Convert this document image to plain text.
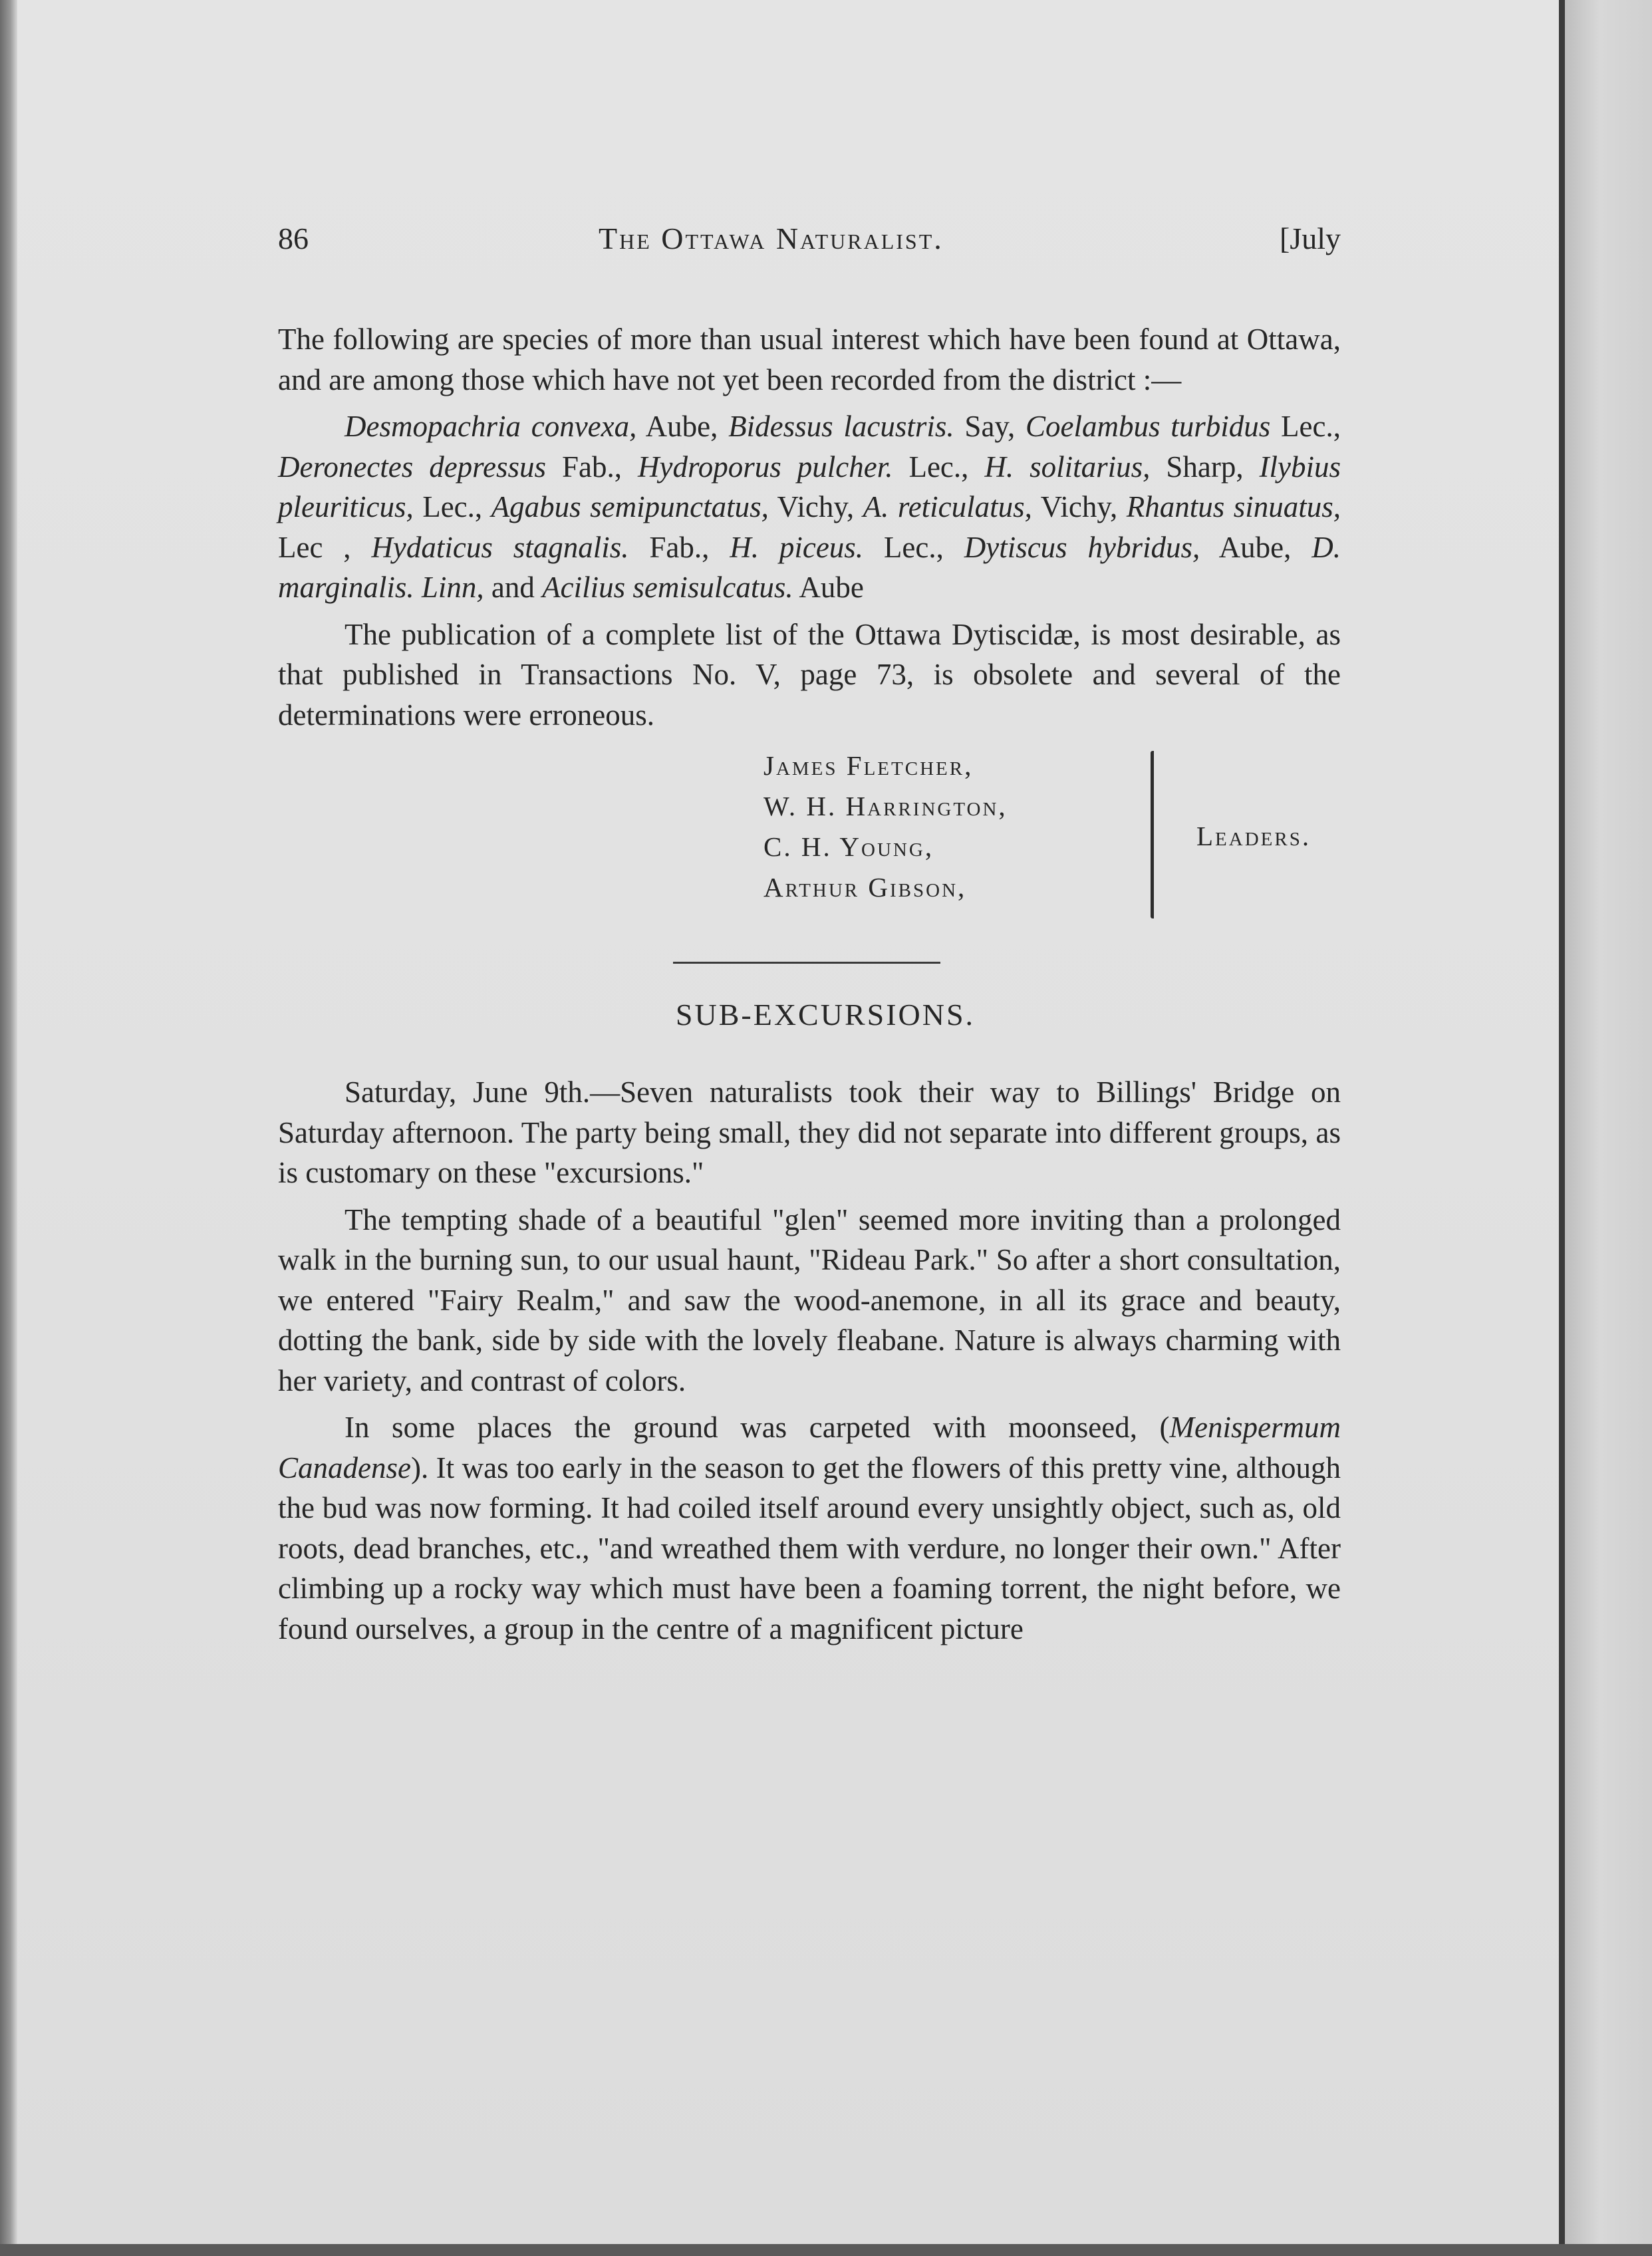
86	The Ottawa Naturalist.	[July

The following are species of more than usual interest which have been found at Ottawa, and are among those which have not yet been recorded from the district :—

Desmopachria convexa, Aube, Bidessus lacustris. Say, Coelambus turbidus Lec., Deronectes depressus Fab., Hydroporus pulcher. Lec., H. solitarius, Sharp, Ilybius pleuriticus, Lec., Agabus semipunctatus, Vichy, A. reticulatus, Vichy, Rhantus sinuatus, Lec , Hydaticus stagnalis. Fab., H. piceus. Lec., Dytiscus hybridus, Aube, D. marginalis. Linn, and Acilius semisulcatus. Aube

The publication of a complete list of the Ottawa Dytiscidæ, is most desirable, as that published in Transactions No. V, page 73, is obsolete and several of the determinations were erroneous.

James Fletcher,
W. H. Harrington,
C. H. Young,
Arthur Gibson,
Leaders.
SUB-EXCURSIONS.

Saturday, June 9th.—Seven naturalists took their way to Billings' Bridge on Saturday afternoon. The party being small, they did not separate into different groups, as is customary on these "excursions."

The tempting shade of a beautiful "glen" seemed more inviting than a prolonged walk in the burning sun, to our usual haunt, "Rideau Park." So after a short consultation, we entered "Fairy Realm," and saw the wood-anemone, in all its grace and beauty, dotting the bank, side by side with the lovely fleabane. Nature is always charming with her variety, and contrast of colors.

In some places the ground was carpeted with moonseed, (Menispermum Canadense). It was too early in the season to get the flowers of this pretty vine, although the bud was now forming. It had coiled itself around every unsightly object, such as, old roots, dead branches, etc., "and wreathed them with verdure, no longer their own." After climbing up a rocky way which must have been a foaming torrent, the night before, we found ourselves, a group in the centre of a magnificent picture
